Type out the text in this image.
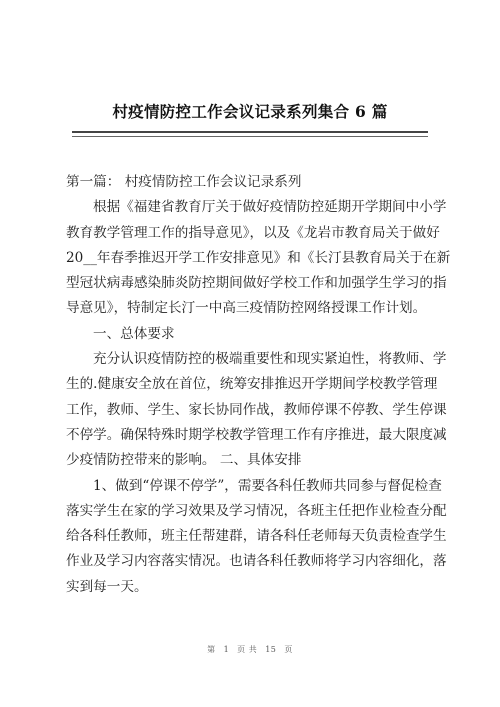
村疫情防控工作会议记录系列集合 6 篇
第一篇： 村疫情防控工作会议记录系列
根据《福建省教育厅关于做好疫情防控延期开学期间中小学
教育教学管理工作的指导意见》，以及《龙岩市教育局关于做好
20__年春季推迟开学工作安排意见》和《长汀县教育局关于在新
型冠状病毒感染肺炎防控期间做好学校工作和加强学生学习的指
导意见》，特制定长汀一中高三疫情防控网络授课工作计划。
一、总体要求
充分认识疫情防控的极端重要性和现实紧迫性，将教师、学
生的.健康安全放在首位，统筹安排推迟开学期间学校教学管理
工作，教师、学生、家长协同作战，教师停课不停教、学生停课
不停学。确保特殊时期学校教学管理工作有序推进，最大限度减
少疫情防控带来的影响。 二、具体安排
1、做到“停课不停学”，需要各科任教师共同参与督促检查
落实学生在家的学习效果及学习情况，各班主任把作业检查分配
给各科任教师，班主任帮建群，请各科任老师每天负责检查学生
作业及学习内容落实情况。也请各科任教师将学习内容细化，落
实到每一天。
第 1 页 共 15 页
